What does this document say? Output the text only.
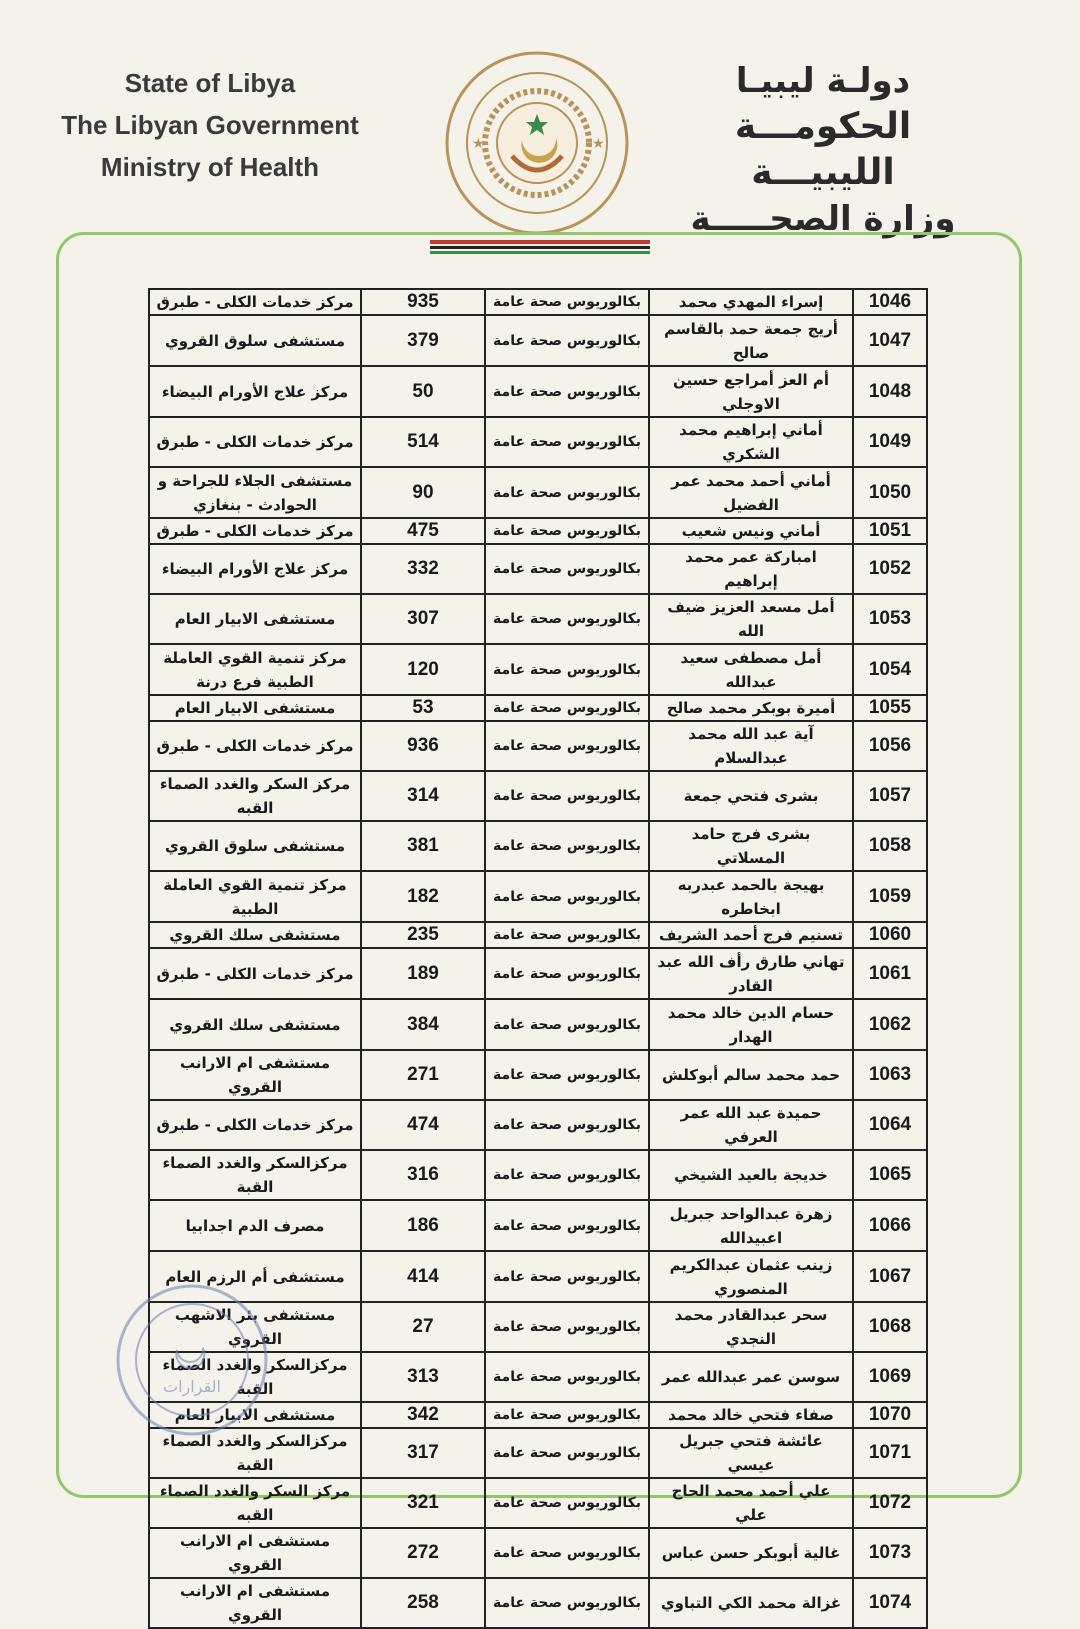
State of Libya
The Libyan Government
Ministry of Health
★	★
دولـة ليبيـا
الحكومـــة الليبيـــة
وزارة الصحـــــة
1046	إسراء المهدي محمد	بكالوريوس صحة عامة	935	مركز خدمات الكلى - طبرق
1047	أريج جمعة حمد بالقاسم صالح	بكالوريوس صحة عامة	379	مستشفى سلوق القروي
1048	أم العز أمراجع حسين الاوجلي	بكالوريوس صحة عامة	50	مركز علاج الأورام البيضاء
1049	أماني إبراهيم محمد الشكري	بكالوريوس صحة عامة	514	مركز خدمات الكلى - طبرق
1050	أماني أحمد محمد عمر الفضيل	بكالوريوس صحة عامة	90	مستشفى الجلاء للجراحة و الحوادث - بنغازي
1051	أماني ونيس شعيب	بكالوريوس صحة عامة	475	مركز خدمات الكلى - طبرق
1052	امباركة عمر محمد إبراهيم	بكالوريوس صحة عامة	332	مركز علاج الأورام البيضاء
1053	أمل مسعد العزيز ضيف الله	بكالوريوس صحة عامة	307	مستشفى الابيار العام
1054	أمل مصطفى سعيد عبدالله	بكالوريوس صحة عامة	120	مركز تنمية القوي العاملة الطبية فرع درنة
1055	أميرة بوبكر محمد صالح	بكالوريوس صحة عامة	53	مستشفى الابيار العام
1056	آية عبد الله محمد عبدالسلام	بكالوريوس صحة عامة	936	مركز خدمات الكلى - طبرق
1057	بشرى فتحي جمعة	بكالوريوس صحة عامة	314	مركز السكر والغدد الصماء القبه
1058	بشرى فرج حامد المسلاتي	بكالوريوس صحة عامة	381	مستشفى سلوق القروي
1059	بهيجة بالحمد عبدربه ابخاطره	بكالوريوس صحة عامة	182	مركز تنمية القوي العاملة الطبية
1060	تسنيم فرج أحمد الشريف	بكالوريوس صحة عامة	235	مستشفى سلك القروي
1061	تهاني طارق رأف الله عبد القادر	بكالوريوس صحة عامة	189	مركز خدمات الكلى - طبرق
1062	حسام الدين خالد محمد الهدار	بكالوريوس صحة عامة	384	مستشفى سلك القروي
1063	حمد محمد سالم أبوكلش	بكالوريوس صحة عامة	271	مستشفى ام الارانب القروي
1064	حميدة عبد الله عمر العرفي	بكالوريوس صحة عامة	474	مركز خدمات الكلى - طبرق
1065	خديجة بالعيد الشيخي	بكالوريوس صحة عامة	316	مركزالسكر والغدد الصماء القبة
1066	زهرة عبدالواحد جبريل اعبيدالله	بكالوريوس صحة عامة	186	مصرف الدم اجدابيا
1067	زينب عثمان عبدالكريم المنصوري	بكالوريوس صحة عامة	414	مستشفى أم الرزم العام
1068	سحر عبدالقادر محمد النجدي	بكالوريوس صحة عامة	27	مستشفى بئر الاشهب القروي
1069	سوسن عمر عبدالله عمر	بكالوريوس صحة عامة	313	مركزالسكر والغدد الصماء القبة
1070	صفاء فتحي خالد محمد	بكالوريوس صحة عامة	342	مستشفى الابيار العام
1071	عائشة فتحي جبريل عيسي	بكالوريوس صحة عامة	317	مركزالسكر والغدد الصماء القبة
1072	علي أحمد محمد الحاج علي	بكالوريوس صحة عامة	321	مركز السكر والغدد الصماء القبه
1073	غالية أبوبكر حسن عباس	بكالوريوس صحة عامة	272	مستشفى ام الارانب القروي
1074	غزالة محمد الكي التباوي	بكالوريوس صحة عامة	258	مستشفى ام الارانب القروي
القرارات
